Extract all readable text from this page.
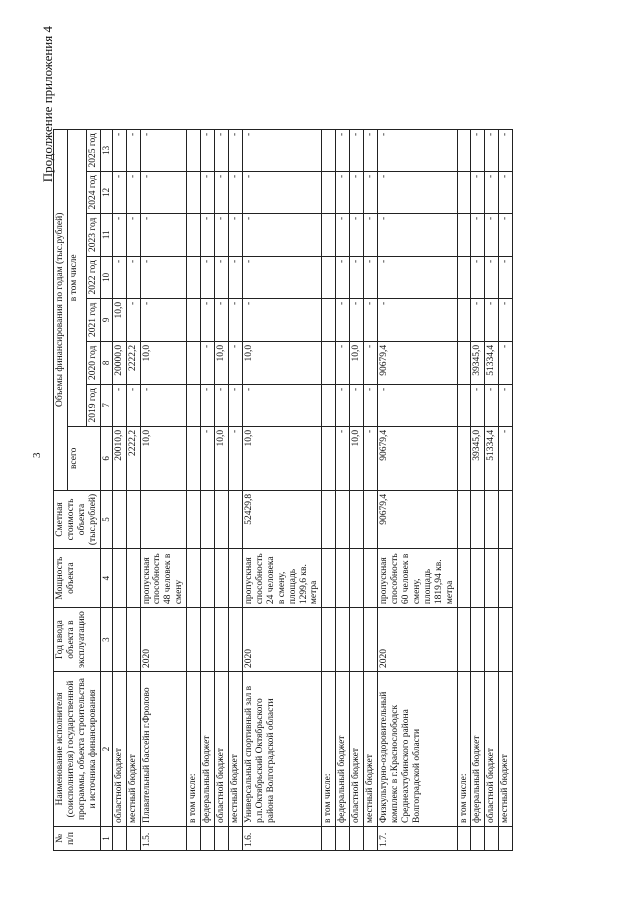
3
Продолжение приложения 4
№ п/п	Наименование исполнителя (соисполнителя) государственной программы, объекта строительства и источника финансирования	Год ввода объекта в эксплуатацию	Мощность объекта	Сметная стоимость объекта (тыс.рублей)	Объемы финансирования по годам (тыс.рублей)							
					всего	в том числе						
						2019 год	2020 год	2021 год	2022 год	2023 год	2024 год	2025 год
1	2	3	4	5	6	7	8	9	10	11	12	13
	областной бюджет				20010,0	-	20000,0	10,0	-	-	-	-
	местный бюджет				2222,2	-	2222,2	-	-	-	-	-
1.5.	Плавательный бассейн г.Фролово	2020	пропускная способность 48 человек в смену		10,0	-	10,0	-	-	-	-	-
	в том числе:											
	федеральный бюджет				-	-	-	-	-	-	-	-
	областной бюджет				10,0	-	10,0	-	-	-	-	-
	местный бюджет				-	-	-	-	-	-	-	-
1.6.	Универсальный спортивный зал в р.п.Октябрьский Октябрьского района Волгоградской области	2020	пропускная способность 24 человека в смену, площадь 1299,6 кв. метра	52429,8	10,0	-	10,0	-	-	-	-	-
	в том числе:											
	федеральный бюджет				-	-	-	-	-	-	-	-
	областной бюджет				10,0	-	10,0	-	-	-	-	-
	местный бюджет				-	-	-	-	-	-	-	-
1.7.	Физкультурно-оздоровительный комплекс в г.Краснослободск Среднеахтубинского района Волгоградской области	2020	пропускная способность 60 человек в смену, площадь 1819,94 кв. метра	90679,4	90679,4	-	90679,4	-	-	-	-	-
	в том числе:											
	федеральный бюджет				39345,0	-	39345,0	-	-	-	-	-
	областной бюджет				51334,4	-	51334,4	-	-	-	-	-
	местный бюджет				-	-	-	-	-	-	-	-
